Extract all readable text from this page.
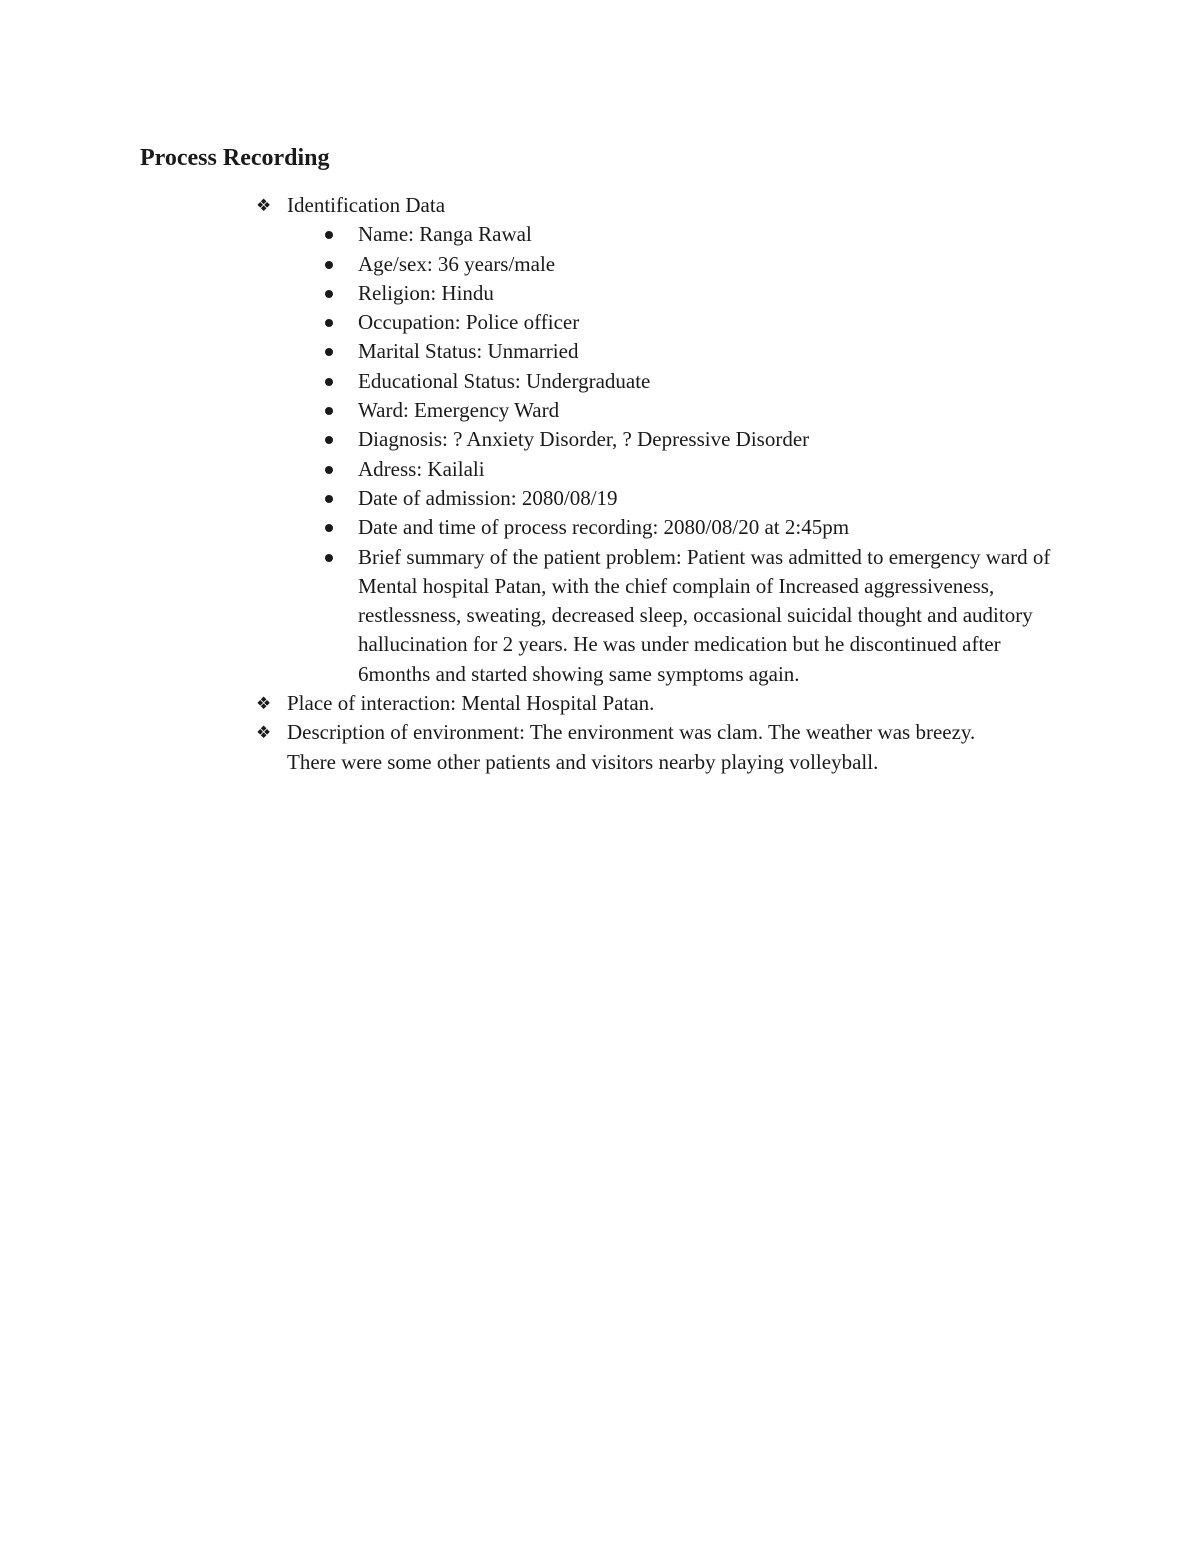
Process Recording
❖ Identification Data
Name: Ranga Rawal
Age/sex: 36 years/male
Religion: Hindu
Occupation: Police officer
Marital Status: Unmarried
Educational Status: Undergraduate
Ward: Emergency Ward
Diagnosis: ? Anxiety Disorder, ? Depressive Disorder
Adress: Kailali
Date of admission: 2080/08/19
Date and time of process recording: 2080/08/20 at 2:45pm
Brief summary of the patient problem: Patient was admitted to emergency ward of Mental hospital Patan, with the chief complain of Increased aggressiveness, restlessness, sweating, decreased sleep, occasional suicidal thought and auditory hallucination for 2 years. He was under medication but he discontinued after 6months and started showing same symptoms again.
❖ Place of interaction: Mental Hospital Patan.
❖ Description of environment: The environment was clam. The weather was breezy. There were some other patients and visitors nearby playing volleyball.
